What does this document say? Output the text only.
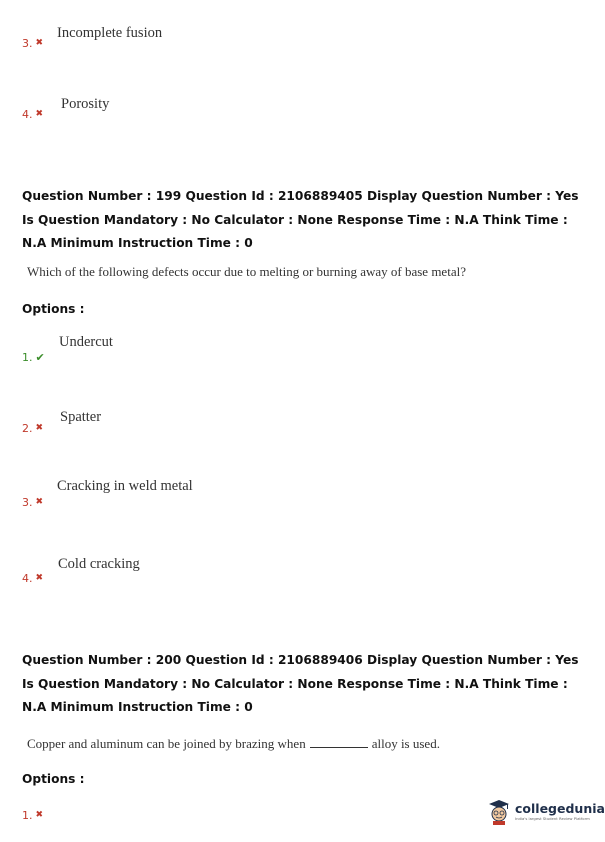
3. ✖
Incomplete fusion
4. ✖
Porosity
Question Number : 199 Question Id : 2106889405 Display Question Number : Yes Is Question Mandatory : No Calculator : None Response Time : N.A Think Time : N.A Minimum Instruction Time : 0
Which of the following defects occur due to melting or burning away of base metal?
Options :
1. ✔
Undercut
2. ✖
Spatter
3. ✖
Cracking in weld metal
4. ✖
Cold cracking
Question Number : 200 Question Id : 2106889406 Display Question Number : Yes Is Question Mandatory : No Calculator : None Response Time : N.A Think Time : N.A Minimum Instruction Time : 0
Copper and aluminum can be joined by brazing when	alloy is used.
Options :
1. ✖	collegedunia
India's largest Student Review Platform
